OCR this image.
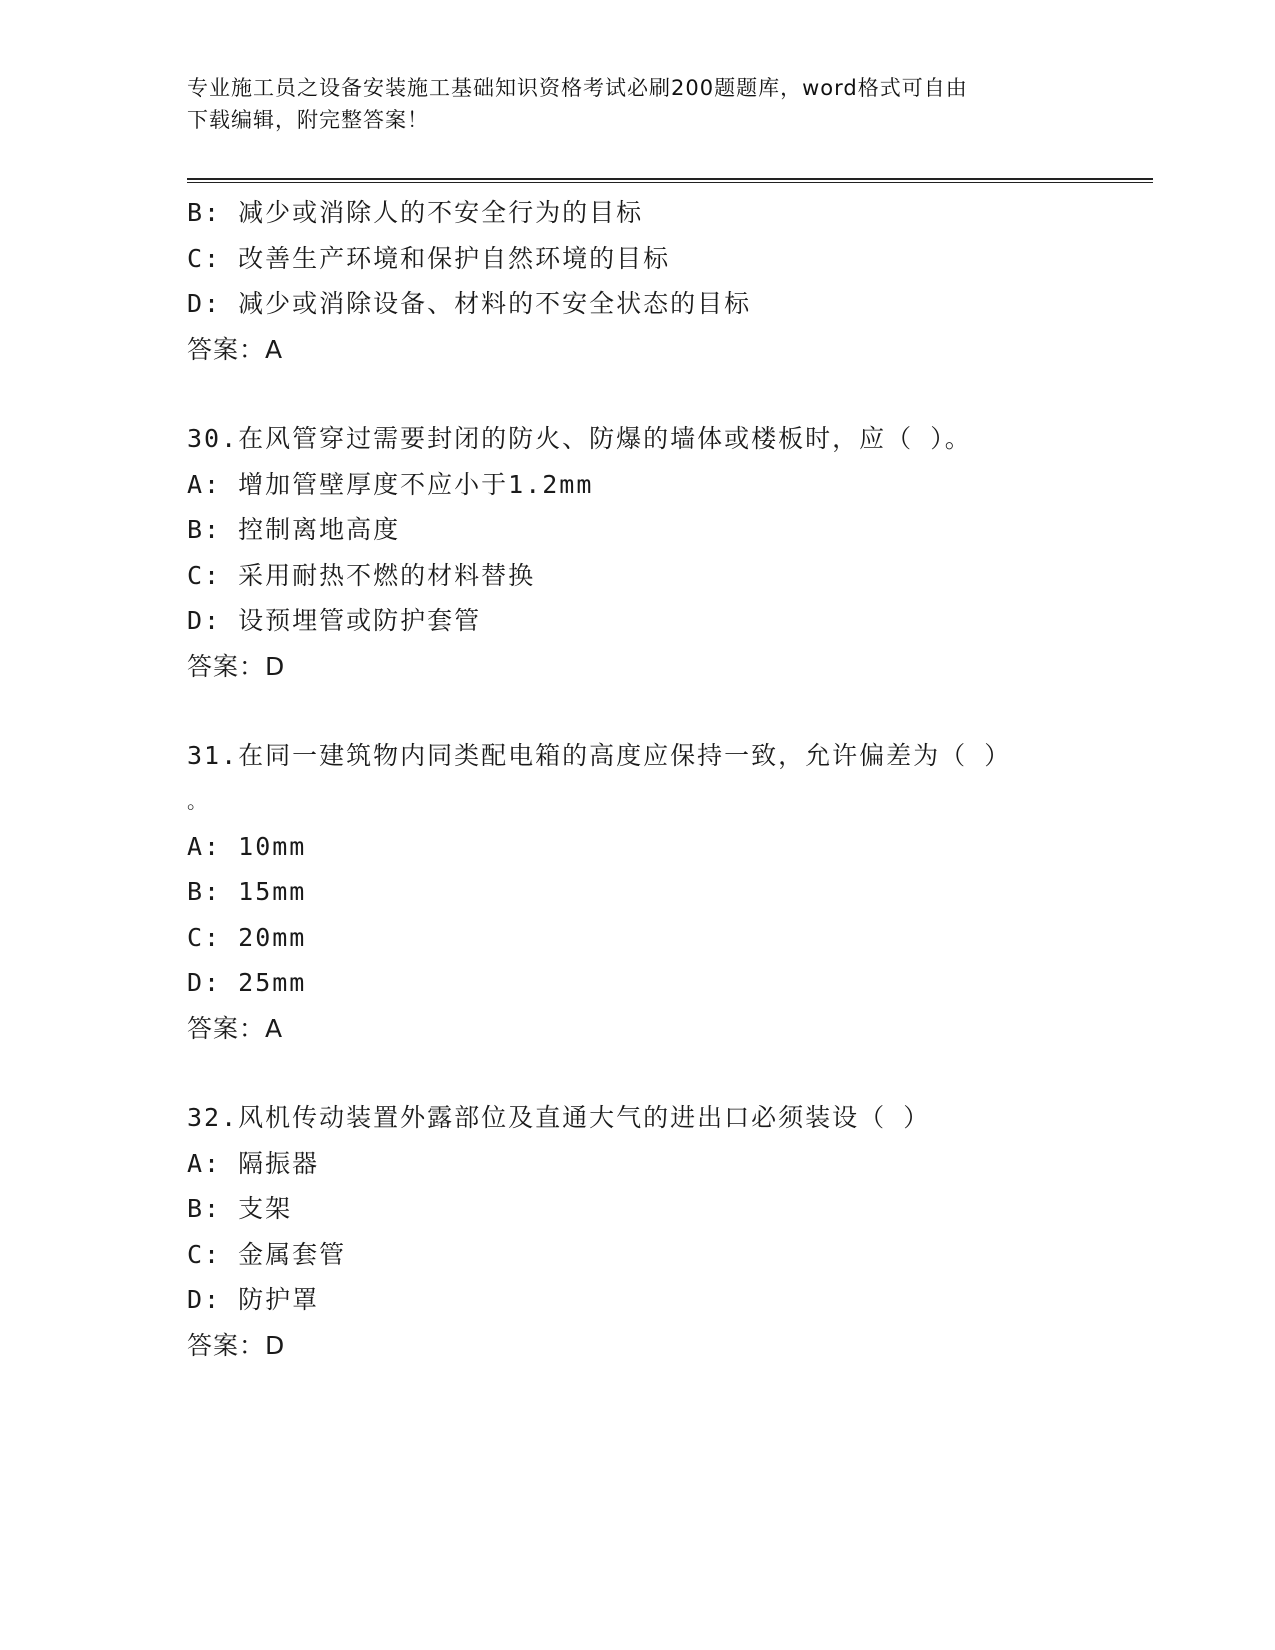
专业施工员之设备安装施工基础知识资格考试必刷200题题库，word格式可自由
下载编辑，附完整答案！
B: 减少或消除人的不安全行为的目标
C: 改善生产环境和保护自然环境的目标
D: 减少或消除设备、材料的不安全状态的目标
答案：A
30.在风管穿过需要封闭的防火、防爆的墙体或楼板时，应（ ）。
A: 增加管壁厚度不应小于1.2mm
B: 控制离地高度
C: 采用耐热不燃的材料替换
D: 设预埋管或防护套管
答案：D
31.在同一建筑物内同类配电箱的高度应保持一致，允许偏差为（ ）
。
A: 10mm
B: 15mm
C: 20mm
D: 25mm
答案：A
32.风机传动装置外露部位及直通大气的进出口必须装设（ ）
A: 隔振器
B: 支架
C: 金属套管
D: 防护罩
答案：D
